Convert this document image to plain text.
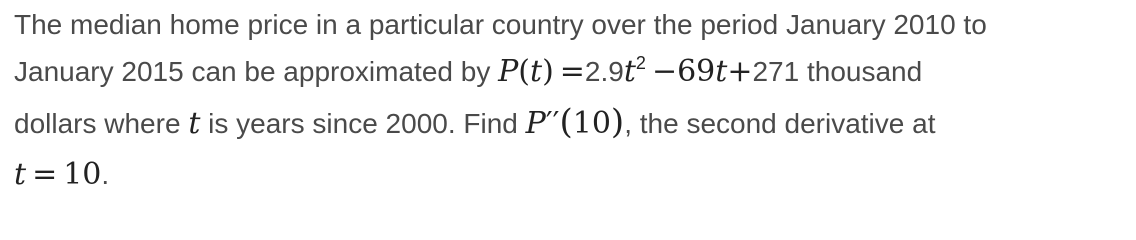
The median home price in a particular country over the period January 2010 to
January 2015 can be approximated by $P(t) =2.9t^2 -69t+271$ thousand
dollars where t is years since 2000. Find P′′(10), the second derivative at
t = 10.
